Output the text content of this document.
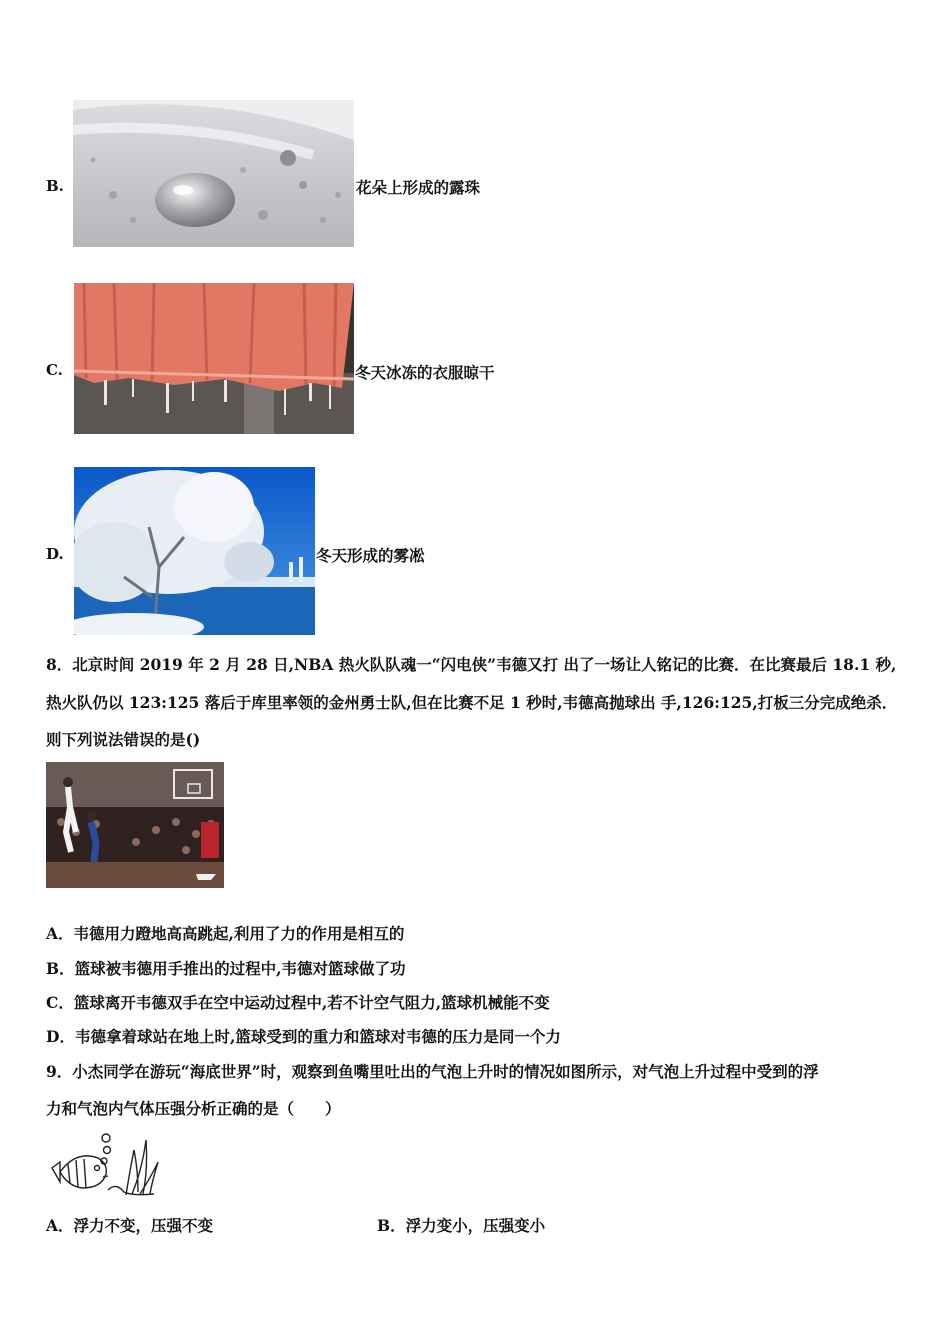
B.	花朵上形成的露珠
C.	冬天冰冻的衣服晾干
D.	冬天形成的雾凇
8．北京时间 2019 年 2 月 28 日,NBA 热火队队魂一“闪电侠”韦德又打 出了一场让人铭记的比赛．在比赛最后 18.1 秒,
热火队仍以 123:125 落后于库里率领的金州勇士队,但在比赛不足 1 秒时,韦德高抛球出 手,126:125,打板三分完成绝杀．
则下列说法错误的是()
A．韦德用力蹬地高高跳起,利用了力的作用是相互的
B．篮球被韦德用手推出的过程中,韦德对篮球做了功
C．篮球离开韦德双手在空中运动过程中,若不计空气阻力,篮球机械能不变
D．韦德拿着球站在地上时,篮球受到的重力和篮球对韦德的压力是同一个力
9．小杰同学在游玩“海底世界”时，观察到鱼嘴里吐出的气泡上升时的情况如图所示，对气泡上升过程中受到的浮
力和气泡内气体压强分析正确的是（　　）
A．浮力不变，压强不变	B．浮力变小，压强变小
